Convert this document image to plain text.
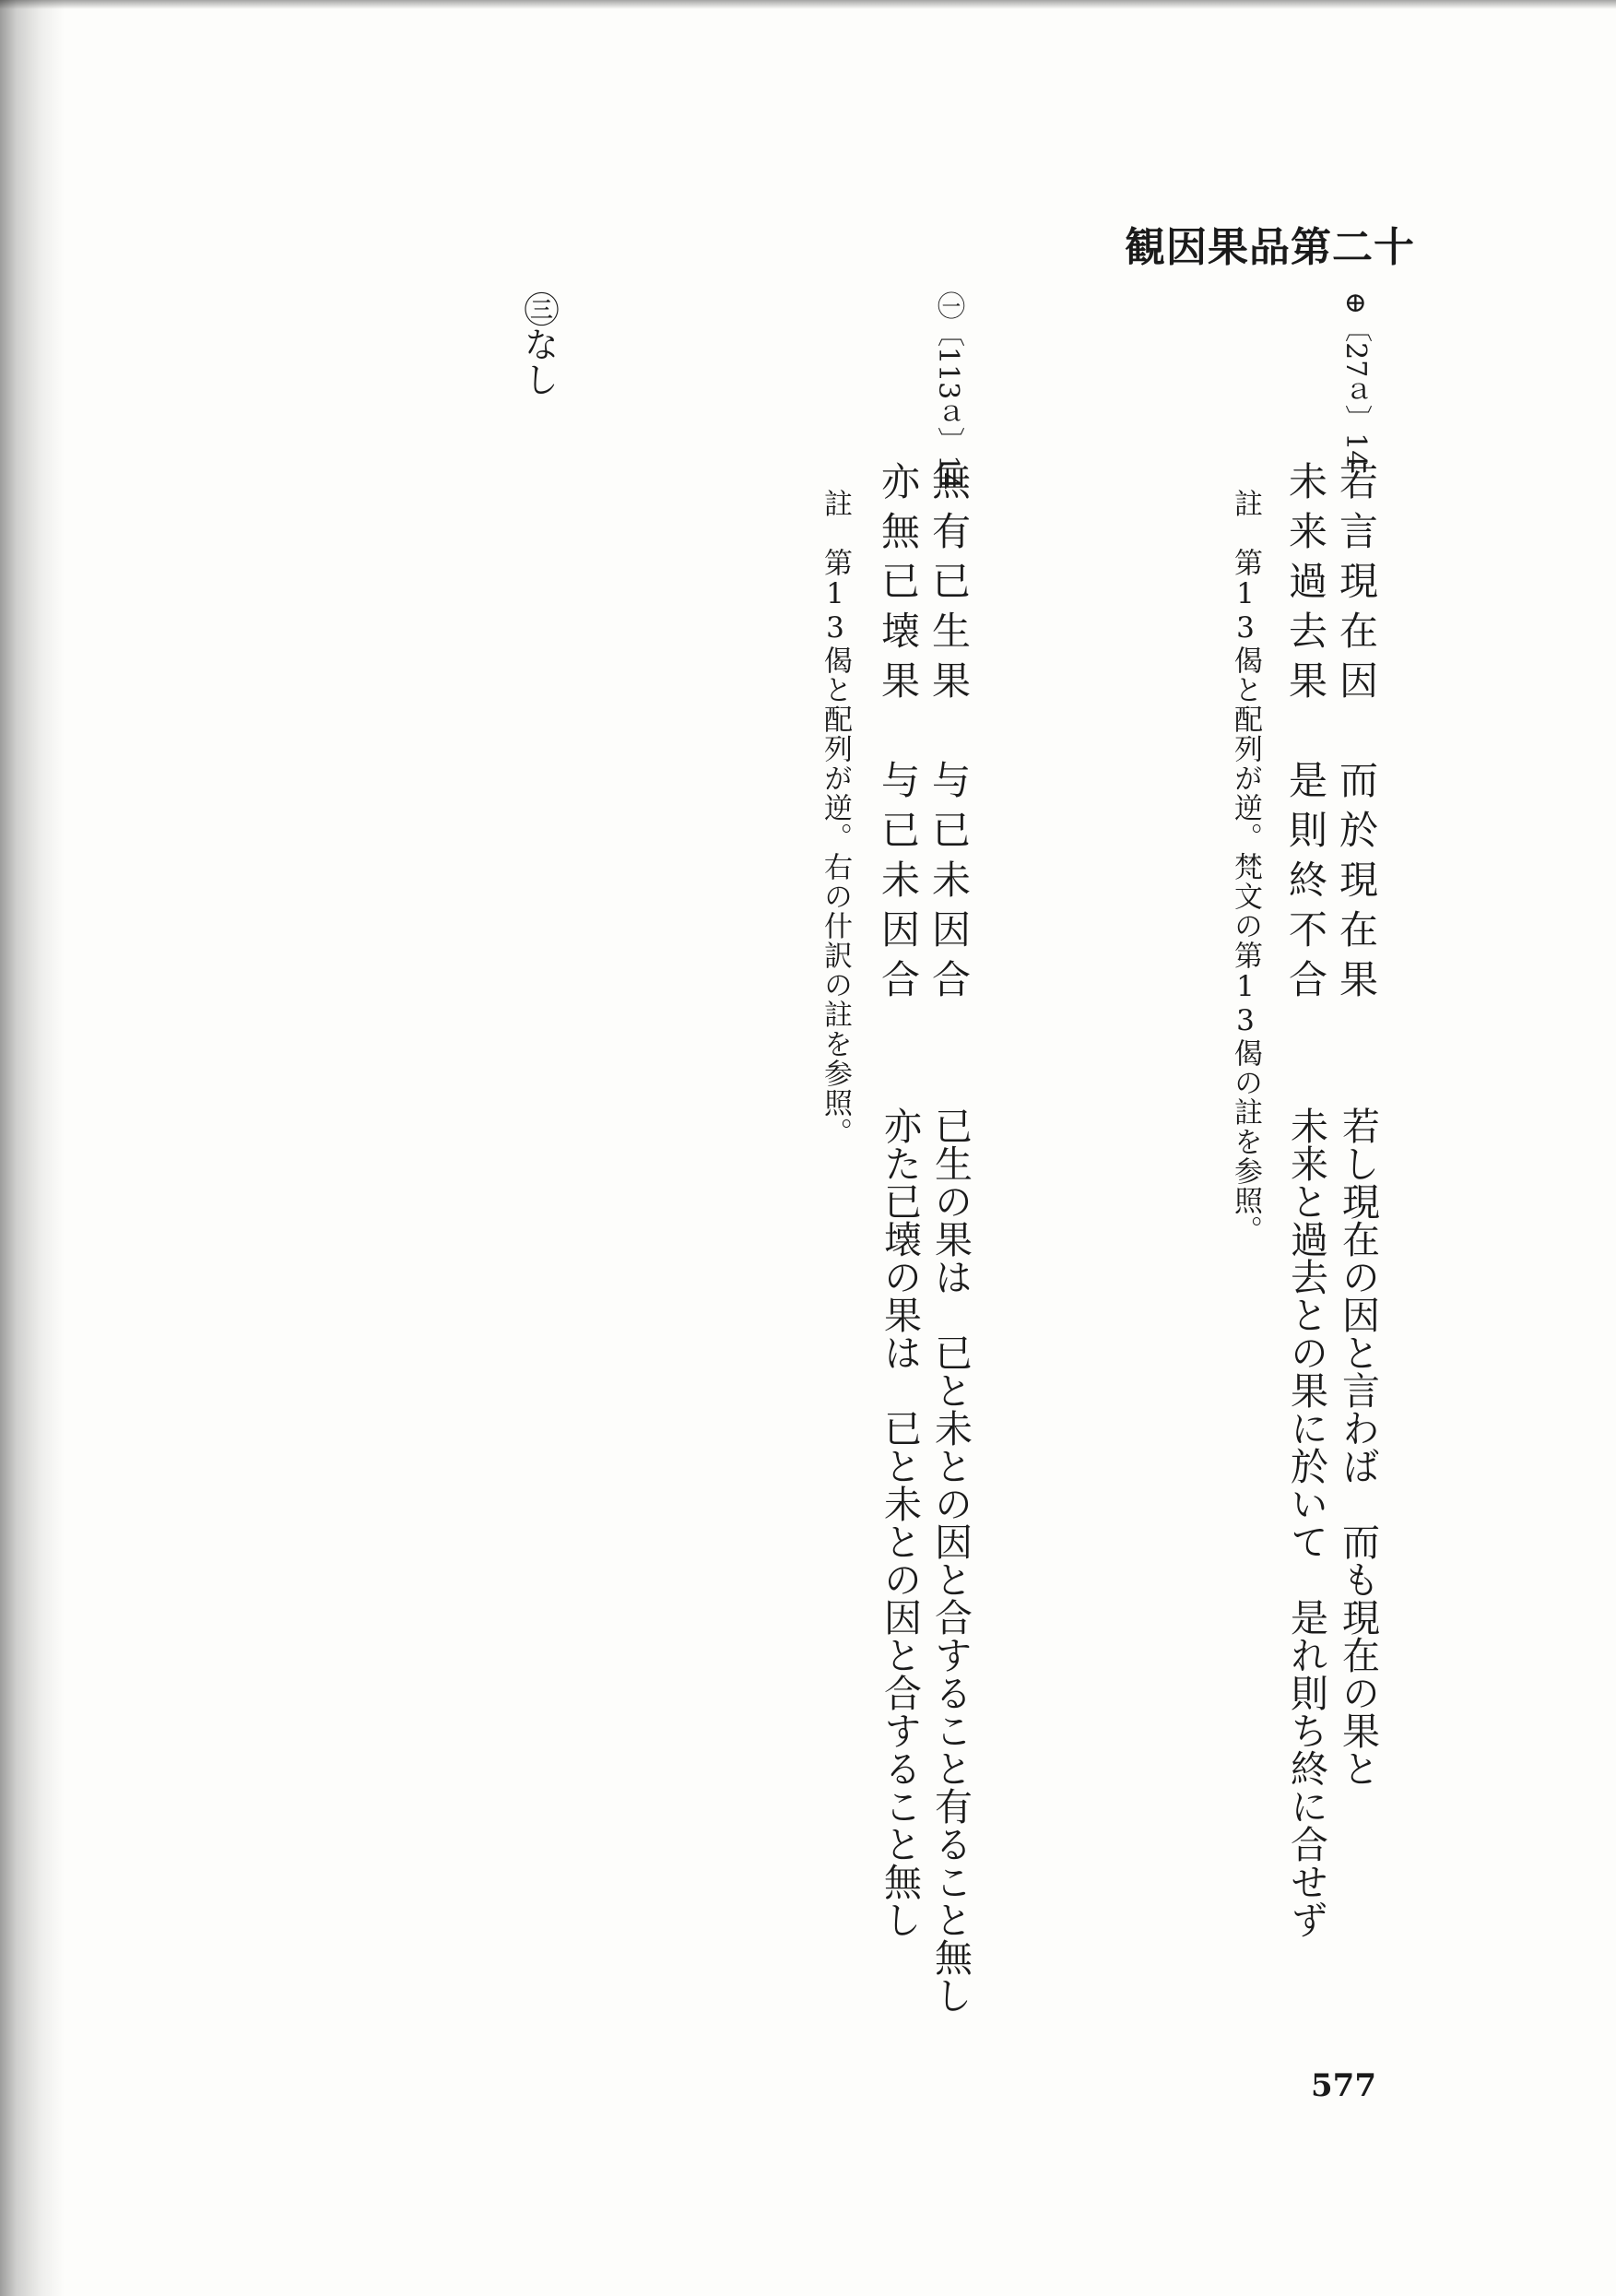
観因果品第二十
⊕〔27ａ〕14
若言現在因　而於現在果
未来過去果　是則終不合
註　第13偈と配列が逆。梵文の第13偈の註を参照。
若し現在の因と言わば　而も現在の果と
未来と過去との果に於いて　是れ則ち終に合せず
㊀〔113ａ〕14
無有已生果　与已未因合
亦無已壊果　与已未因合
註　第13偈と配列が逆。右の什訳の註を参照。
已生の果は　已と未との因と合すること有ること無し
亦た已壊の果は　已と未との因と合すること無し
㊂なし
577
